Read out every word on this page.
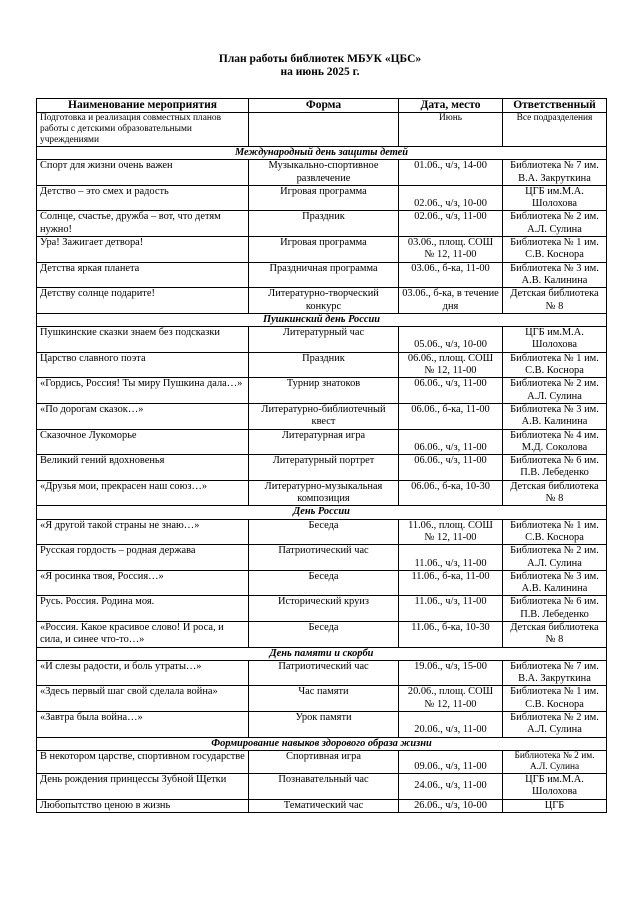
План работы библиотек МБУК «ЦБС»
на июнь 2025 г.
Наименование мероприятия	Форма	Дата, место	Ответственный
Подготовка и реализация совместных планов работы с детскими образовательными учреждениями		Июнь	Все подразделения
Международный день защиты детей			
Спорт для жизни очень важен	Музыкально-спортивное развлечение	01.06., ч/з, 14-00	Библиотека № 7 им. В.А. Закруткина
Детство – это смех и радость	Игровая программа	02.06., ч/з, 10-00	ЦГБ им.М.А. Шолохова
Солнце, счастье, дружба – вот, что детям нужно!	Праздник	02.06., ч/з, 11-00	Библиотека № 2 им. А.Л. Сулина
Ура! Зажигает детвора!	Игровая программа	03.06., площ. СОШ № 12, 11-00	Библиотека № 1 им. С.В. Коснора
Детства яркая планета	Праздничная программа	03.06., б-ка, 11-00	Библиотека № 3 им. А.В. Калинина
Детству солнце подарите!	Литературно-творческий конкурс	03.06., б-ка, в течение дня	Детская библиотека № 8
Пушкинский день России			
Пушкинские сказки знаем без подсказки	Литературный час	05.06., ч/з, 10-00	ЦГБ им.М.А. Шолохова
Царство славного поэта	Праздник	06.06., площ. СОШ № 12, 11-00	Библиотека № 1 им. С.В. Коснора
«Гордись, Россия! Ты миру Пушкина дала…»	Турнир знатоков	06.06., ч/з, 11-00	Библиотека № 2 им. А.Л. Сулина
«По дорогам сказок…»	Литературно-библиотечный квест	06.06., б-ка, 11-00	Библиотека № 3 им. А.В. Калинина
Сказочное Лукоморье	Литературная игра	06.06., ч/з, 11-00	Библиотека № 4 им. М.Д. Соколова
Великий гений вдохновенья	Литературный портрет	06.06., ч/з, 11-00	Библиотека № 6 им. П.В. Лебеденко
«Друзья мои, прекрасен наш союз…»	Литературно-музыкальная композиция	06.06., б-ка, 10-30	Детская библиотека № 8
День России			
«Я другой такой страны не знаю…»	Беседа	11.06., площ. СОШ № 12, 11-00	Библиотека № 1 им. С.В. Коснора
Русская гордость – родная держава	Патриотический час	11.06., ч/з, 11-00	Библиотека № 2 им. А.Л. Сулина
«Я росинка твоя, Россия…»	Беседа	11.06., б-ка, 11-00	Библиотека № 3 им. А.В. Калинина
Русь. Россия. Родина моя.	Исторический круиз	11.06., ч/з, 11-00	Библиотека № 6 им. П.В. Лебеденко
«Россия. Какое красивое слово! И роса, и сила, и синее что-то…»	Беседа	11.06., б-ка, 10-30	Детская библиотека № 8
День памяти и скорби			
«И слезы радости, и боль утраты…»	Патриотический час	19.06., ч/з, 15-00	Библиотека № 7 им. В.А. Закруткина
«Здесь первый шаг свой сделала война»	Час памяти	20.06., площ. СОШ № 12, 11-00	Библиотека № 1 им. С.В. Коснора
«Завтра была война…»	Урок памяти	20.06., ч/з, 11-00	Библиотека № 2 им. А.Л. Сулина
Формирование навыков здорового образа жизни			
В некотором царстве, спортивном государстве	Спортивная игра	09.06., ч/з, 11-00	Библиотека № 2 им. А.Л. Сулина
День рождения принцессы Зубной Щетки	Познавательный час	24.06., ч/з, 11-00	ЦГБ им.М.А. Шолохова
Любопытство ценою в жизнь	Тематический час	26.06., ч/з, 10-00	ЦГБ
